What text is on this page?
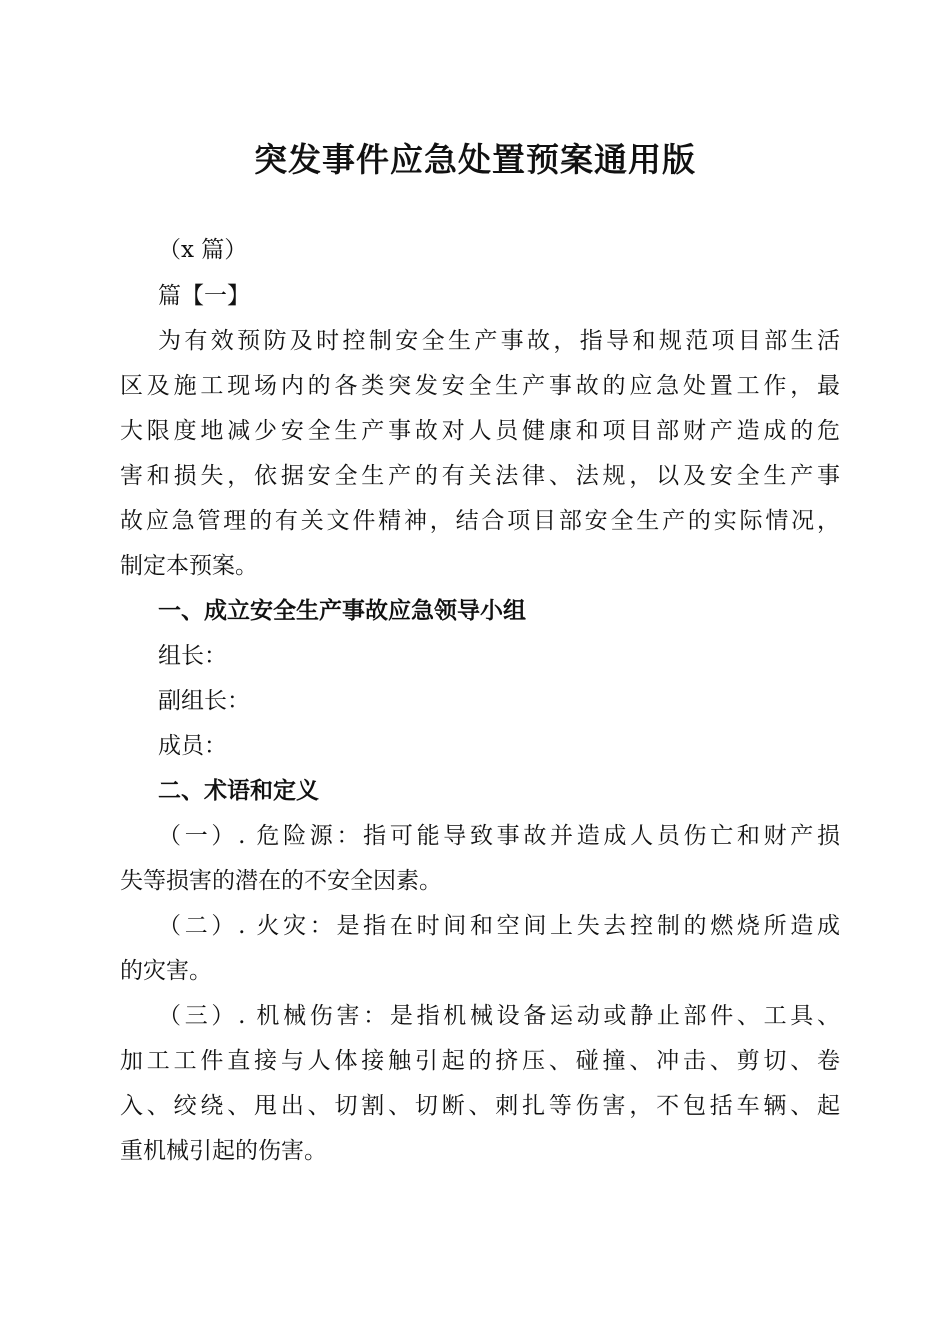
突发事件应急处置预案通用版
（x 篇）
篇【一】
为有效预防及时控制安全生产事故，指导和规范项目部生活
区及施工现场内的各类突发安全生产事故的应急处置工作，最
大限度地减少安全生产事故对人员健康和项目部财产造成的危
害和损失，依据安全生产的有关法律、法规，以及安全生产事
故应急管理的有关文件精神，结合项目部安全生产的实际情况，
制定本预案。
一、成立安全生产事故应急领导小组
组长：
副组长：
成员：
二、术语和定义
（一）. 危险源：指可能导致事故并造成人员伤亡和财产损
失等损害的潜在的不安全因素。
（二）. 火灾：是指在时间和空间上失去控制的燃烧所造成
的灾害。
（三）. 机械伤害：是指机械设备运动或静止部件、工具、
加工工件直接与人体接触引起的挤压、碰撞、冲击、剪切、卷
入、绞绕、甩出、切割、切断、刺扎等伤害，不包括车辆、起
重机械引起的伤害。
